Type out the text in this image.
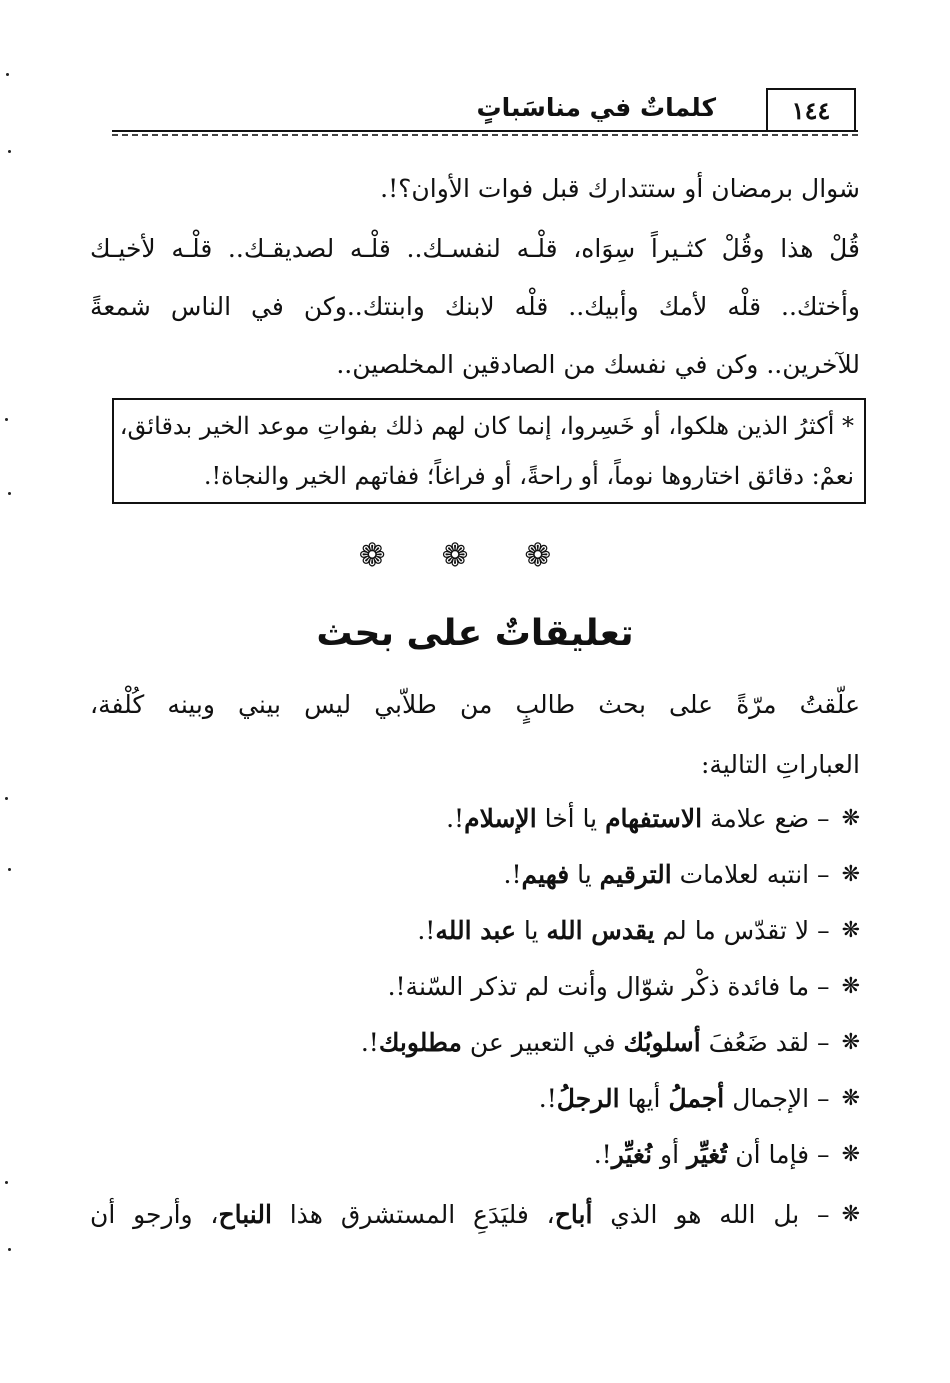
١٤٤
كلماتٌ في مناسَباتٍ
شوال برمضان أو ستتدارك قبل فوات الأوان؟!.
قُلْ هذا وقُلْ كثـيراً سِوَاه، قلْـه لنفسـك.. قلْـه لصديقـك.. قلْـه لأخيـك
وأختك.. قلْه لأمك وأبيك.. قلْه لابنك وابنتك..وكن في الناس شمعةً
للآخرين.. وكن في نفسك من الصادقين المخلصين..
* أكثرُ الذين هلكوا، أو خَسِروا، إنما كان لهم ذلك بفواتِ موعد الخير بدقائق،
نعمْ: دقائق اختاروها نوماً، أو راحةً، أو فراغاً؛ ففاتهم الخير والنجاة!.
❁ ❁ ❁
تعليقاتٌ على بحث
علّقتُ مرّةً على بحث طالبٍ من طلاّبي ليس بيني وبينه كُلْفة،
العباراتِ التالية:
❋
– ضع علامة الاستفهام يا أخا الإسلام!.
❋
– انتبه لعلامات الترقيم يا فهيم!.
❋
– لا تقدّس ما لم يقدس الله يا عبد الله!.
❋
– ما فائدة ذكْر شوّال وأنت لم تذكر السّنة!.
❋
– لقد ضَعُفَ أسلوبُك في التعبير عن مطلوبك!.
❋
– الإجمال أجملُ أيها الرجلُ!.
❋
– فإما أن تُغيِّر أو نُغيِّر!.
❋
– بل الله هو الذي أباح، فليَدَعِ المستشرق هذا النباح، وأرجو أن
